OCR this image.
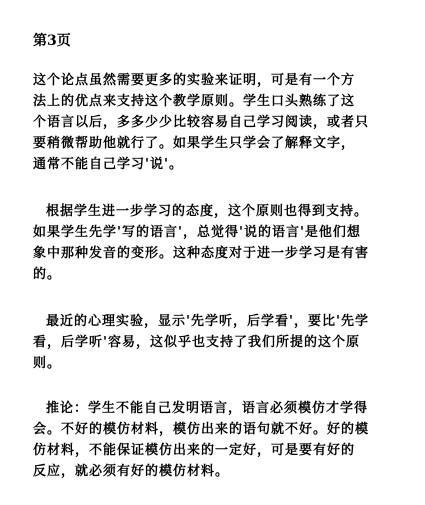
第3页
这个论点虽然需要更多的实验来证明，可是有一个方
法上的优点来支持这个教学原则。学生口头熟练了这
个语言以后，多多少少比较容易自己学习阅读，或者只
要稍微帮助他就行了。如果学生只学会了解释文字，
通常不能自己学习'说'。
根据学生进一步学习的态度，这个原则也得到支持。
如果学生先学'写的语言'，总觉得'说的语言'是他们想
象中那种发音的变形。这种态度对于进一步学习是有害
的。
最近的心理实验，显示'先学听，后学看'，要比'先学
看，后学听'容易，这似乎也支持了我们所提的这个原
则。
推论：学生不能自己发明语言，语言必须模仿才学得
会。不好的模仿材料，模仿出来的语句就不好。好的模
仿材料，不能保证模仿出来的一定好，可是要有好的
反应，就必须有好的模仿材料。
